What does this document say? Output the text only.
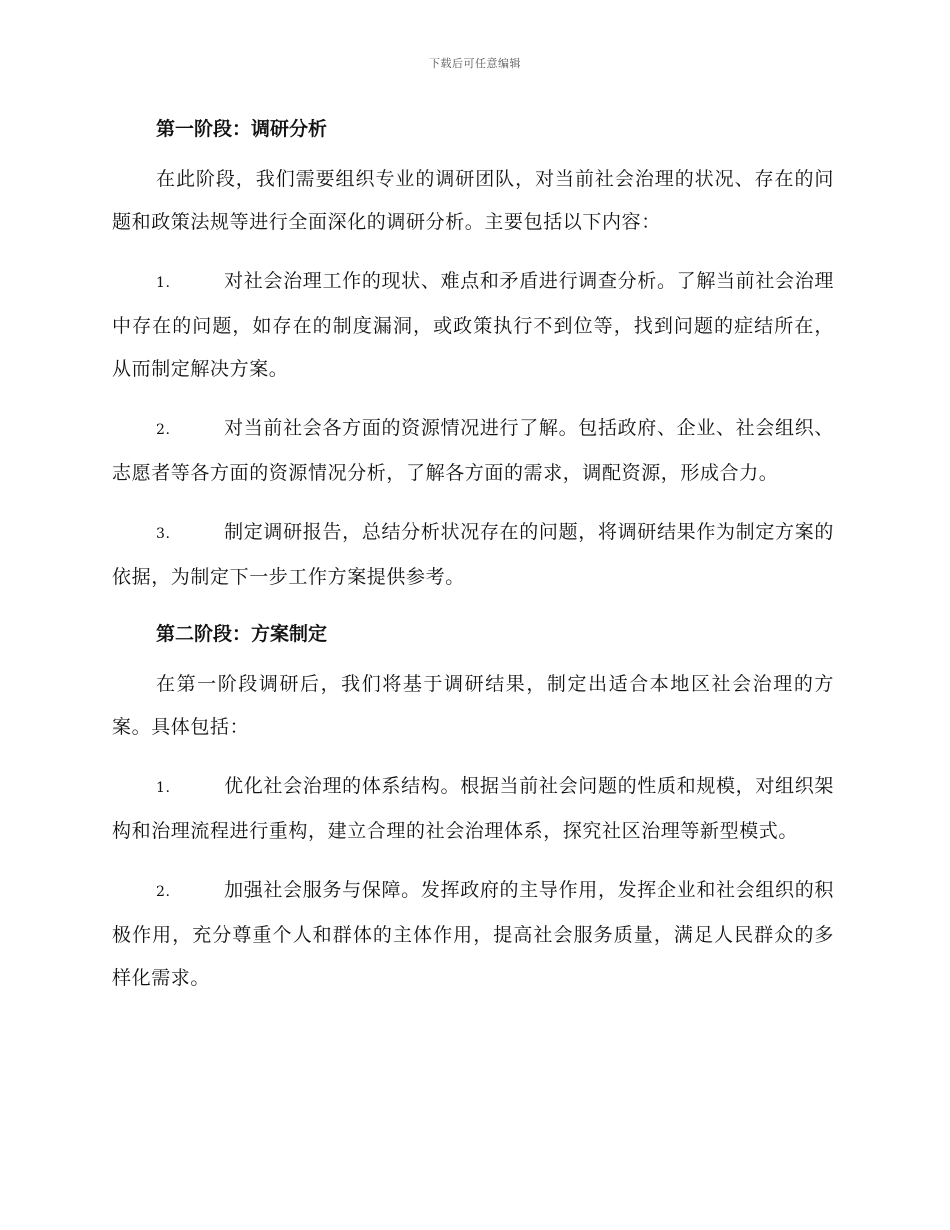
下载后可任意编辑
第一阶段：调研分析

在此阶段，我们需要组织专业的调研团队，对当前社会治理的状况、存在的问题和政策法规等进行全面深化的调研分析。主要包括以下内容：

1.	对社会治理工作的现状、难点和矛盾进行调查分析。了解当前社会治理中存在的问题，如存在的制度漏洞，或政策执行不到位等，找到问题的症结所在，从而制定解决方案。

2.	对当前社会各方面的资源情况进行了解。包括政府、企业、社会组织、志愿者等各方面的资源情况分析，了解各方面的需求，调配资源，形成合力。

3.	制定调研报告，总结分析状况存在的问题，将调研结果作为制定方案的依据，为制定下一步工作方案提供参考。

第二阶段：方案制定

在第一阶段调研后，我们将基于调研结果，制定出适合本地区社会治理的方案。具体包括：

1.	优化社会治理的体系结构。根据当前社会问题的性质和规模，对组织架构和治理流程进行重构，建立合理的社会治理体系，探究社区治理等新型模式。

2.	加强社会服务与保障。发挥政府的主导作用，发挥企业和社会组织的积极作用，充分尊重个人和群体的主体作用，提高社会服务质量，满足人民群众的多样化需求。
